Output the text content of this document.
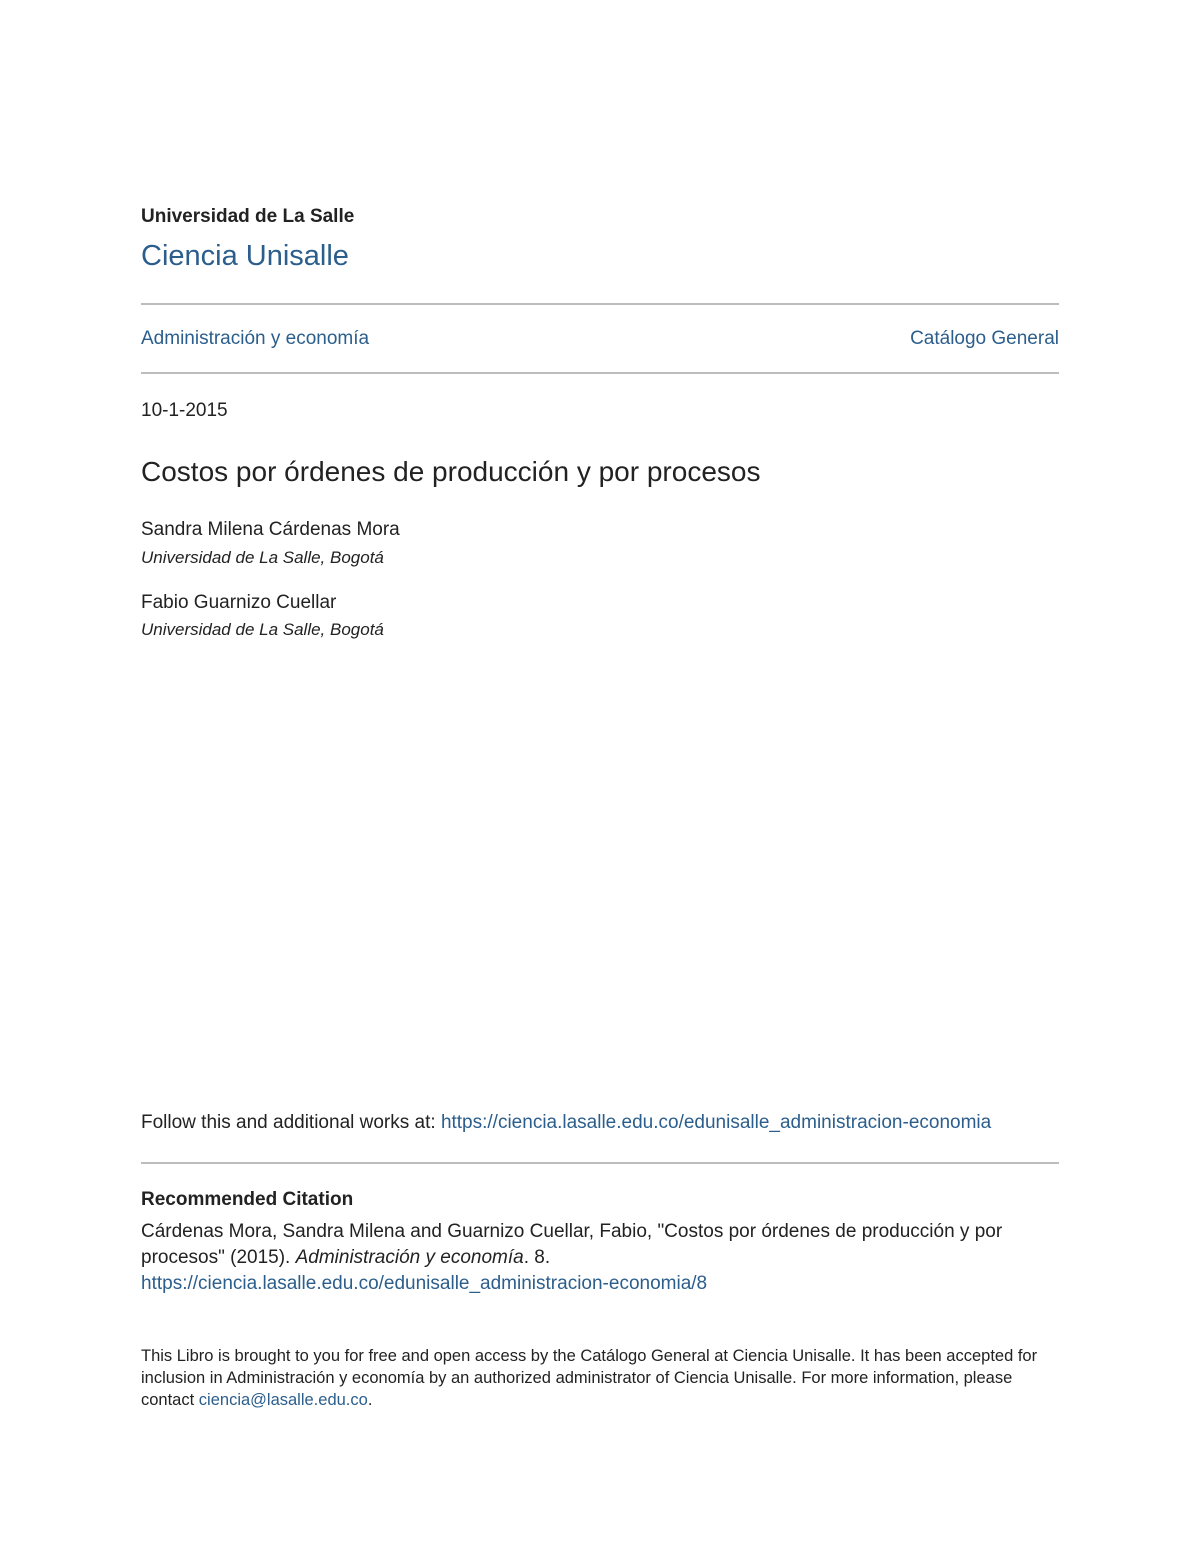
Universidad de La Salle
Ciencia Unisalle
Administración y economía	Catálogo General
10-1-2015
Costos por órdenes de producción y por procesos
Sandra Milena Cárdenas Mora
Universidad de La Salle, Bogotá
Fabio Guarnizo Cuellar
Universidad de La Salle, Bogotá
Follow this and additional works at: https://ciencia.lasalle.edu.co/edunisalle_administracion-economia
Recommended Citation
Cárdenas Mora, Sandra Milena and Guarnizo Cuellar, Fabio, "Costos por órdenes de producción y por procesos" (2015). Administración y economía. 8.
https://ciencia.lasalle.edu.co/edunisalle_administracion-economia/8
This Libro is brought to you for free and open access by the Catálogo General at Ciencia Unisalle. It has been accepted for inclusion in Administración y economía by an authorized administrator of Ciencia Unisalle. For more information, please contact ciencia@lasalle.edu.co.
